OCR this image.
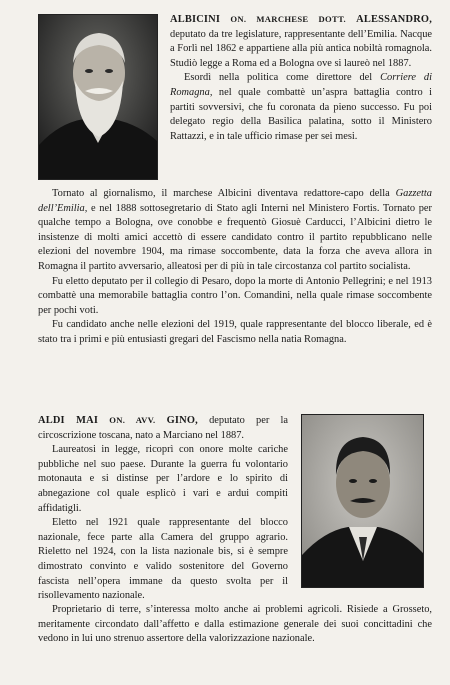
ALBICINI ON. MARCHESE DOTT. ALESSANDRO, deputato da tre legislature, rappresentante dell’Emilia. Nacque a Forlì nel 1862 e appartiene alla più antica nobiltà romagnola. Studiò legge a Roma ed a Bologna ove si laureò nel 1887.

Esordì nella politica come direttore del Corriere di Romagna, nel quale combattè un’aspra battaglia contro i partiti sovversivi, che fu coronata da pieno successo. Fu poi delegato regio della Basilica palatina, sotto il Ministero Rattazzi, e in tale ufficio rimase per sei mesi.

Tornato al giornalismo, il marchese Albicini diventava redattore-capo della Gazzetta dell’Emilia, e nel 1888 sottosegretario di Stato agli Interni nel Ministero Fortis. Tornato per qualche tempo a Bologna, ove conobbe e frequentò Giosuè Carducci, l’Albicini dietro le insistenze di molti amici accettò di essere candidato contro il partito repubblicano nelle elezioni del novembre 1904, ma rimase soccombente, data la forza che aveva allora in Romagna il partito avversario, alleatosi per di più in tale circostanza col partito socialista.

Fu eletto deputato per il collegio di Pesaro, dopo la morte di Antonio Pellegrini; e nel 1913 combattè una memorabile battaglia contro l’on. Comandini, nella quale rimase soccombente per pochi voti.

Fu candidato anche nelle elezioni del 1919, quale rappresentante del blocco liberale, ed è stato tra i primi e più entusiasti gregari del Fascismo nella natia Romagna.

ALDI MAI ON. AVV. GINO, deputato per la circoscrizione toscana, nato a Marciano nel 1887.

Laureatosi in legge, ricoprì con onore molte cariche pubbliche nel suo paese. Durante la guerra fu volontario motonauta e si distinse per l’ardore e lo spirito di abnegazione col quale esplicò i vari e ardui compiti affidatigli.

Eletto nel 1921 quale rappresentante del blocco nazionale, fece parte alla Camera del gruppo agrario. Rieletto nel 1924, con la lista nazionale bis, si è sempre dimostrato convinto e valido sostenitore del Governo fascista nell’opera immane da questo svolta per il risollevamento nazionale.

Proprietario di terre, s’interessa molto anche ai problemi agricoli. Risiede a Grosseto, meritamente circondato dall’affetto e dalla estimazione generale dei suoi concittadini che vedono in lui uno strenuo assertore della valorizzazione nazionale.
